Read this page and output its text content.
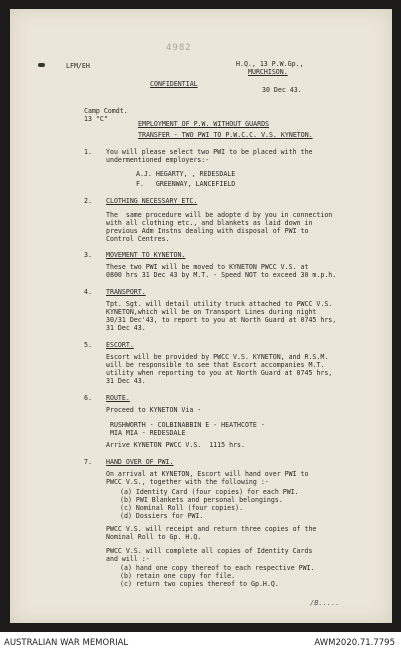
4982
LFM/EH	H.Q., 13 P.W.Gp.,
MURCHISON.
CONFIDENTIAL
30 Dec 43.
Camp Comdt.
13 "C"
EMPLOYMENT OF P.W. WITHOUT GUARDS
TRANSFER - TWO PWI TO P.W.C.C. V.S. KYNETON.
1. You will please select two PWI to be placed with the
undermentioned employers:-
A.J. HEGARTY, , REDESDALE
F.   GREENWAY, LANCEFIELD
2. CLOTHING NECESSARY ETC.
The  same procedure will be adopte d by you in connection
with all clothing etc., and blankets as laid down in
previous Adm Instns dealing with disposal of PWI to
Control Centres.
3. MOVEMENT TO KYNETON.
These two PWI will be moved to KYNETON PWCC V.S. at
0800 hrs 31 Dec 43 by M.T. - Speed NOT to exceed 30 m.p.h.
4. TRANSPORT.
Tpt. Sgt. will detail utility truck attached to PWCC V.S.
KYNETON,which will be on Transport Lines during night
30/31 Dec'43, to report to you at North Guard at 0745 hrs,
31 Dec 43.
5. ESCORT.
Escort will be provided by PWCC V.S. KYNETON, and R.S.M.
will be responsible to see that Escort accompanies M.T.
utility when reporting to you at North Guard at 0745 hrs,
31 Dec 43.
6. ROUTE.
Proceed to KYNETON Via -
RUSHWORTH - COLBINABBIN E - HEATHCOTE -
MIA MIA - REDESDALE
Arrive KYNETON PWCC V.S.  1115 hrs.
7. HAND OVER OF PWI.
On arrival at KYNETON, Escort will hand over PWI to
PWCC V.S., together with the following :-
(a) Identity Card (four copies) for each PWI.
(b) PWI Blankets and personal belongings.
(c) Nominal Roll (four copies).
(d) Dossiers for PWI.
PWCC V.S. will receipt and return three copies of the
Nominal Roll to Gp. H.Q.
PWCC V.S. will complete all copies of Identity Cards
and will :-
(a) hand one copy thereof to each respective PWI.
(b) retain one copy for file.
(c) return two copies thereof to Gp.H.Q.
/B.....
AUSTRALIAN WAR MEMORIAL	AWM2020.71.7795
